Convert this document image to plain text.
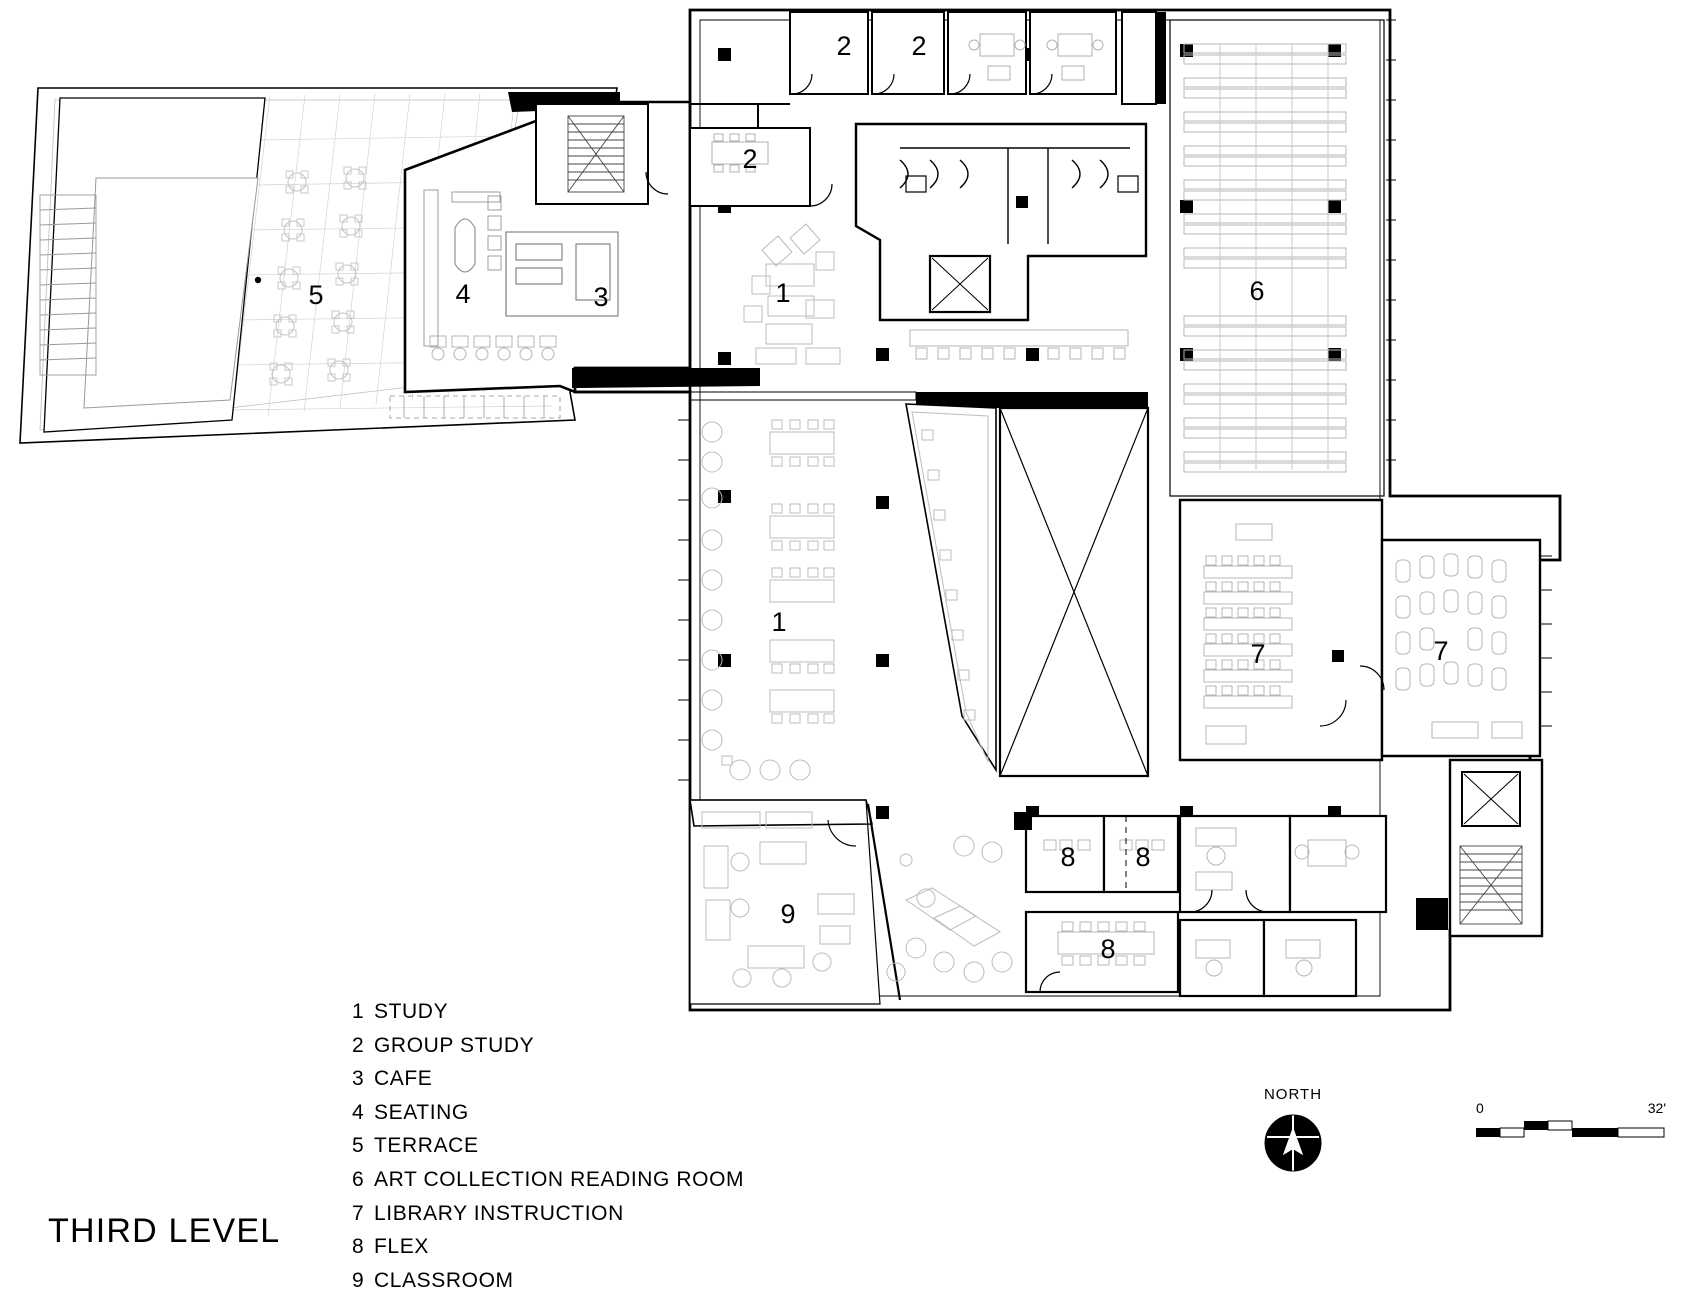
2 2
2
1
3
4
5	6
1
7	7
9
8 8
8
1 STUDY
2 GROUP STUDY
3 CAFE
4 SEATING
5 TERRACE
6 ART COLLECTION READING ROOM
7 LIBRARY INSTRUCTION
8 FLEX
9 CLASSROOM
THIRD LEVEL
NORTH
0	32'
